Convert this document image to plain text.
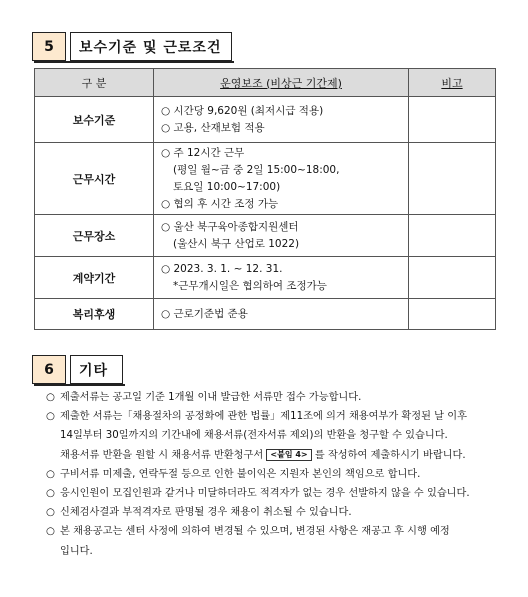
5	보수기준 및 근로조건
구 분	운영보조 (비상근 기간제)	비고
보수기준	○ 시간당 9,620원 (최저시급 적용)
○ 고용, 산재보험 적용	

근무시간	○ 주 12시간 근무
(평일 월~금 중 2일 15:00~18:00,
토요일 10:00~17:00)
○ 협의 후 시간 조정 가능	

근무장소	○ 울산 북구육아종합지원센터
(울산시 북구 산업로 1022)	

계약기간	○ 2023. 3. 1. ~ 12. 31.
*근무개시일은 협의하여 조정가능	

복리후생	○ 근로기준법 준용	

6	기타
○ 제출서류는 공고일 기준 1개월 이내 발급한 서류만 접수 가능합니다.
○ 제출한 서류는「채용절차의 공정화에 관한 법률」제11조에 의거 채용여부가 확정된 날 이후
14일부터 30일까지의 기간내에 채용서류(전자서류 제외)의 반환을 청구할 수 있습니다.
채용서류 반환을 원할 시 채용서류 반환청구서 <붙임 4> 를 작성하여 제출하시기 바랍니다.
○ 구비서류 미제출, 연락두절 등으로 인한 불이익은 지원자 본인의 책임으로 합니다.
○ 응시인원이 모집인원과 같거나 미달하더라도 적격자가 없는 경우 선발하지 않을 수 있습니다.
○ 신체검사결과 부적격자로 판명될 경우 채용이 취소될 수 있습니다.
○ 본 채용공고는 센터 사정에 의하여 변경될 수 있으며, 변경된 사항은 재공고 후 시행 예정
입니다.
